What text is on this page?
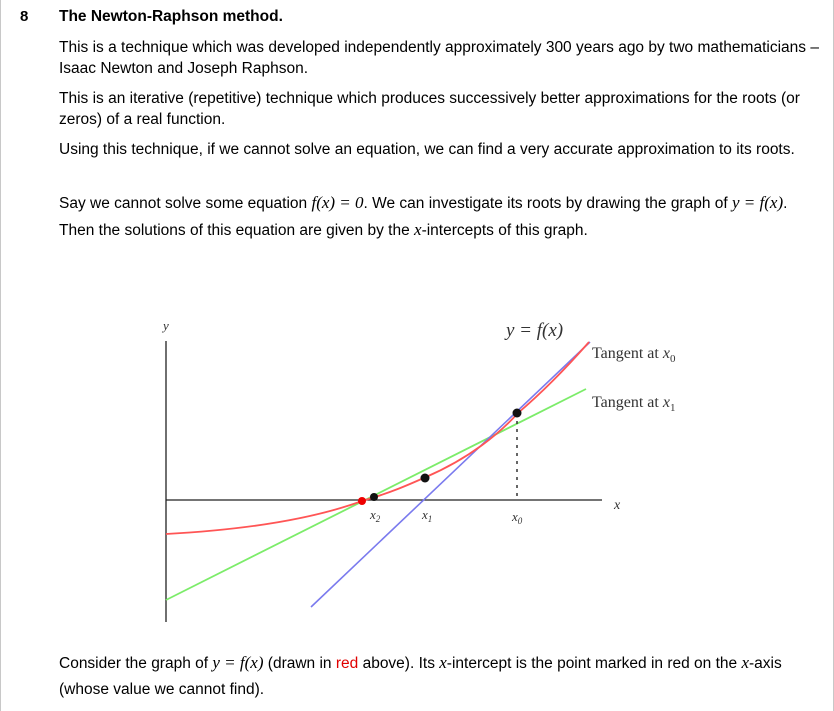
8 The Newton-Raphson method.

This is a technique which was developed independently approximately 300 years ago by two mathematicians – Isaac Newton and Joseph Raphson.

This is an iterative (repetitive) technique which produces successively better approximations for the roots (or zeros) of a real function.

Using this technique, if we cannot solve an equation, we can find a very accurate approximation to its roots.

Say we cannot solve some equation f(x) = 0. We can investigate its roots by drawing the graph of y = f(x). Then the solutions of this equation are given by the x-intercepts of this graph.

y
x
y = f(x)
Tangent at $x_0$
Tangent at $x_1$
$x_2$	$x_1$	$x_0$

Consider the graph of y = f(x) (drawn in red above). Its x-intercept is the point marked in red on the x-axis (whose value we cannot find).
